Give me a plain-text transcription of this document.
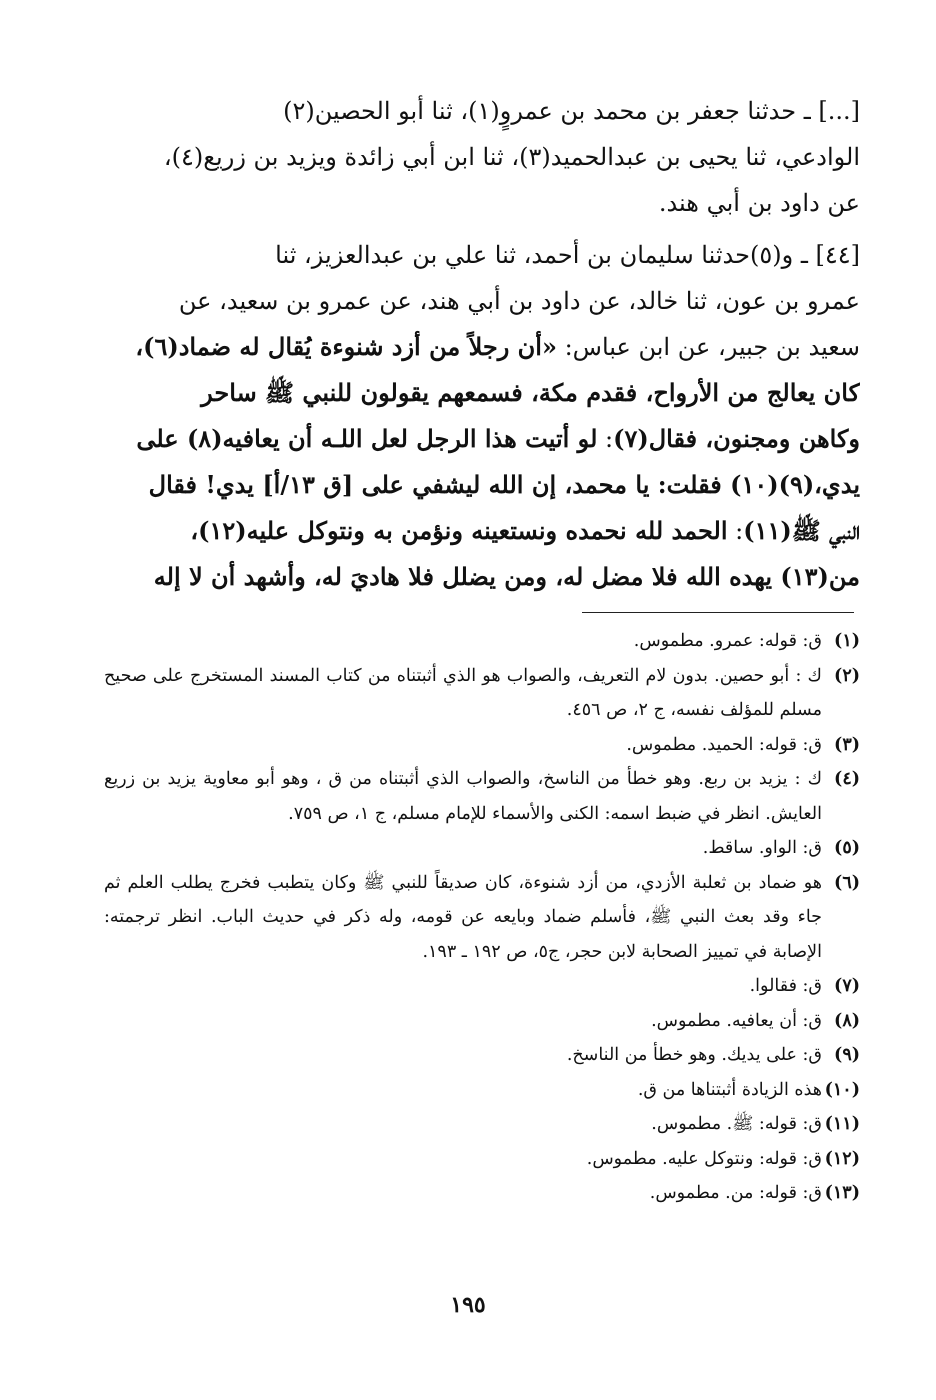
[...] ـ حدثنا جعفر بن محمد بن عمروٍ(١)، ثنا أبو الحصين(٢)
الوادعي، ثنا يحيى بن عبدالحميد(٣)، ثنا ابن أبي زائدة ويزيد بن زريع(٤)،
عن داود بن أبي هند.
[٤٤] ـ و(٥)حدثنا سليمان بن أحمد، ثنا علي بن عبدالعزيز، ثنا
عمرو بن عون، ثنا خالد، عن داود بن أبي هند، عن عمرو بن سعيد، عن
سعيد بن جبير، عن ابن عباس: «أن رجلاً من أزد شنوءة يُقال له ضماد(٦)،
كان يعالج من الأرواح، فقدم مكة، فسمعهم يقولون للنبي ﷺ ساحر
وكاهن ومجنون، فقال(٧): لو أتيت هذا الرجل لعل اللـه أن يعافيه(٨) على
يدي،(٩)(١٠) فقلت: يا محمد، إن الله ليشفي على [ق ١٣/أ] يدي! فقال
النبي ﷺ(١١): الحمد لله نحمده ونستعينه ونؤمن به ونتوكل عليه(١٢)،
من(١٣) يهده الله فلا مضل له، ومن يضلل فلا هاديَ له، وأشهد أن لا إله
(١)
ق: قوله: عمرو. مطموس.
(٢)
ك : أبو حصين. بدون لام التعريف، والصواب هو الذي أثبتناه من كتاب المسند المستخرج على صحيح مسلم للمؤلف نفسه، ج ٢، ص ٤٥٦.
(٣)
ق: قوله: الحميد. مطموس.
(٤)
ك : يزيد بن ربع. وهو خطأ من الناسخ، والصواب الذي أثبتناه من ق ، وهو أبو معاوية يزيد بن زريع العايش. انظر في ضبط اسمه: الكنى والأسماء للإمام مسلم، ج ١، ص ٧٥٩.
(٥)
ق: الواو. ساقط.
(٦)
هو ضماد بن ثعلبة الأزدي، من أزد شنوءة، كان صديقاً للنبي ﷺ وكان يتطبب فخرج يطلب العلم ثم جاء وقد بعث النبي ﷺ، فأسلم ضماد وبايعه عن قومه، وله ذكر في حديث الباب. انظر ترجمته: الإصابة في تمييز الصحابة لابن حجر، ج٥، ص ١٩٢ ـ ١٩٣.
(٧)
ق: فقالوا.
(٨)
ق: أن يعافيه. مطموس.
(٩)
ق: على يديك. وهو خطأ من الناسخ.
(١٠)
هذه الزيادة أثبتناها من ق.
(١١)
ق: قوله: ﷺ. مطموس.
(١٢)
ق: قوله: ونتوكل عليه. مطموس.
(١٣)
ق: قوله: من. مطموس.
١٩٥
